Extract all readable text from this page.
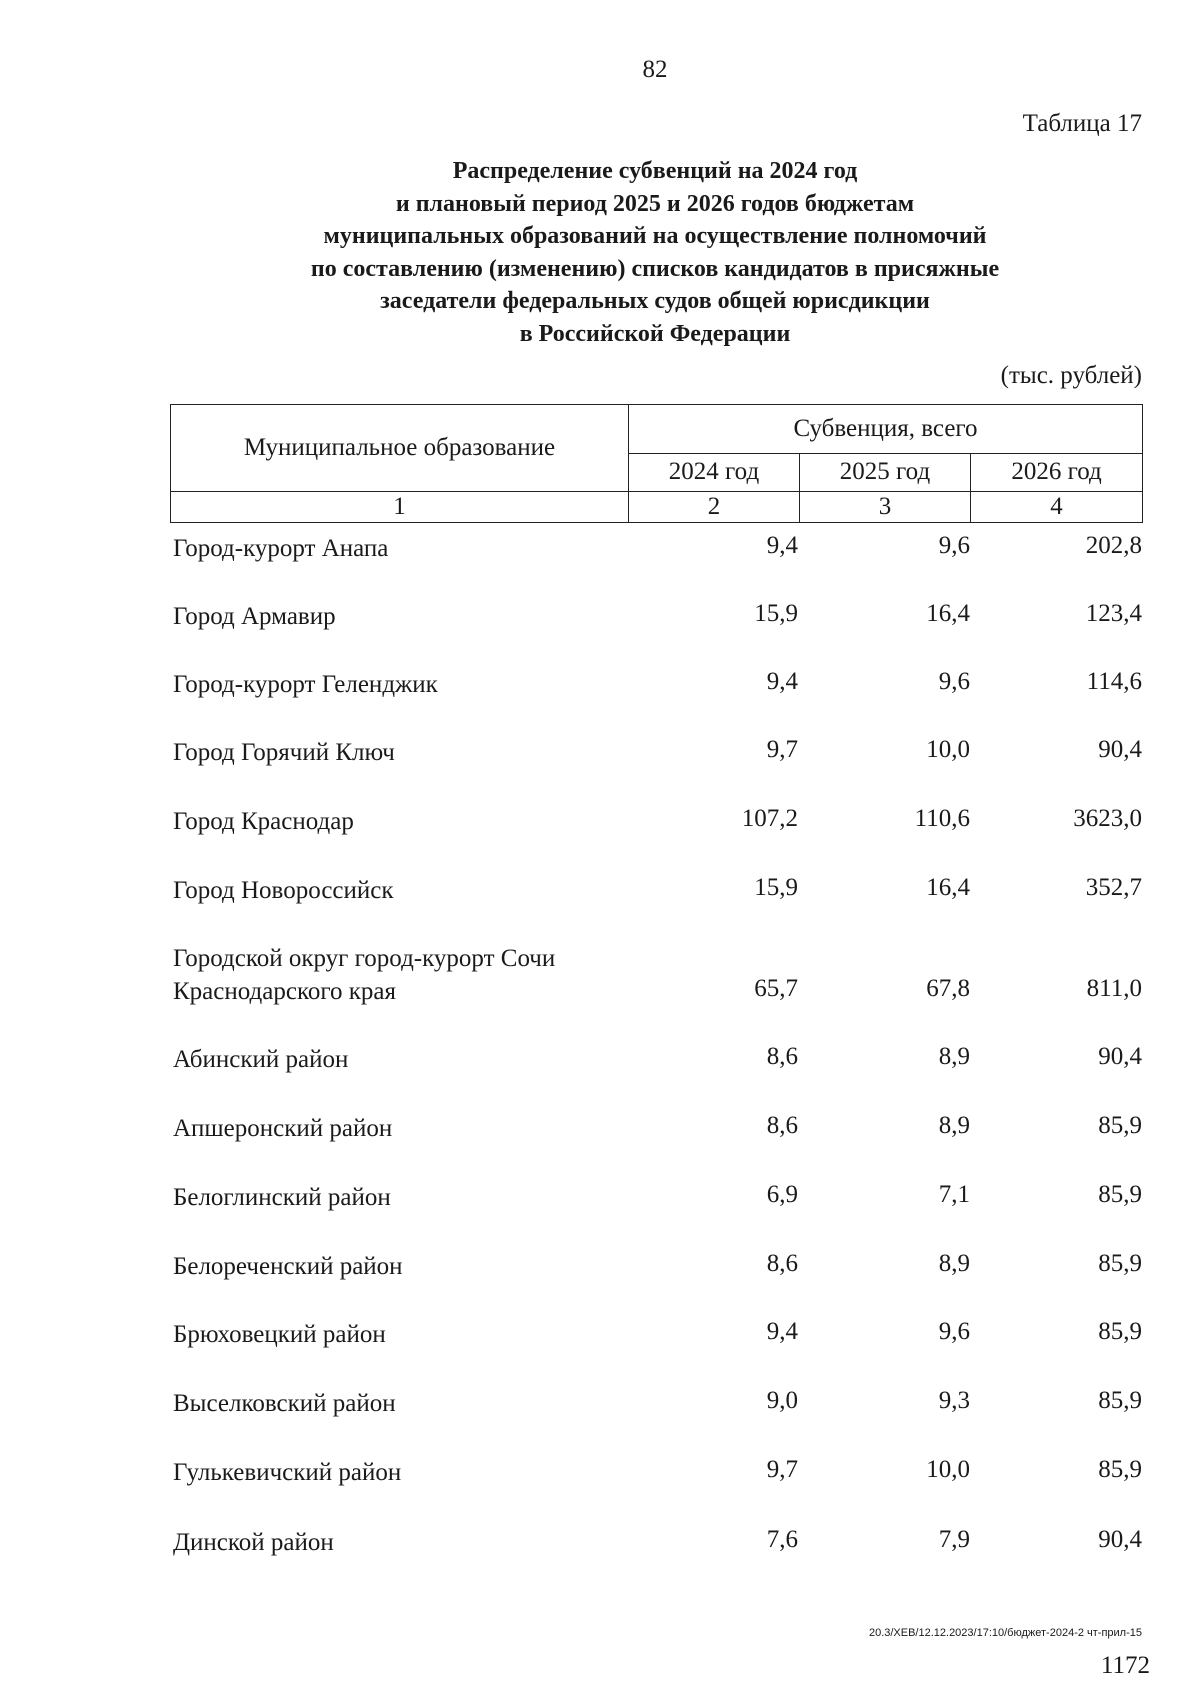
82
Таблица 17
Распределение субвенций на 2024 год
и плановый период 2025 и 2026 годов бюджетам
муниципальных образований на осуществление полномочий
по составлению (изменению) списков кандидатов в присяжные
заседатели федеральных судов общей юрисдикции
в Российской Федерации
(тыс. рублей)
Муниципальное образование	Субвенция, всего		
	2024 год	2025 год	2026 год
1	2	3	4
Город-курорт Анапа	9,4	9,6	202,8
Город Армавир	15,9	16,4	123,4
Город-курорт Геленджик	9,4	9,6	114,6
Город Горячий Ключ	9,7	10,0	90,4
Город Краснодар	107,2	110,6	3623,0
Город Новороссийск	15,9	16,4	352,7
Городской округ город-курорт Сочи
Краснодарского края	65,7	67,8	811,0
Абинский район	8,6	8,9	90,4
Апшеронский район	8,6	8,9	85,9
Белоглинский район	6,9	7,1	85,9
Белореченский район	8,6	8,9	85,9
Брюховецкий район	9,4	9,6	85,9
Выселковский район	9,0	9,3	85,9
Гулькевичский район	9,7	10,0	85,9
Динской район	7,6	7,9	90,4
20.3/ХЕВ/12.12.2023/17:10/бюджет-2024-2 чт-прил-15
1172
